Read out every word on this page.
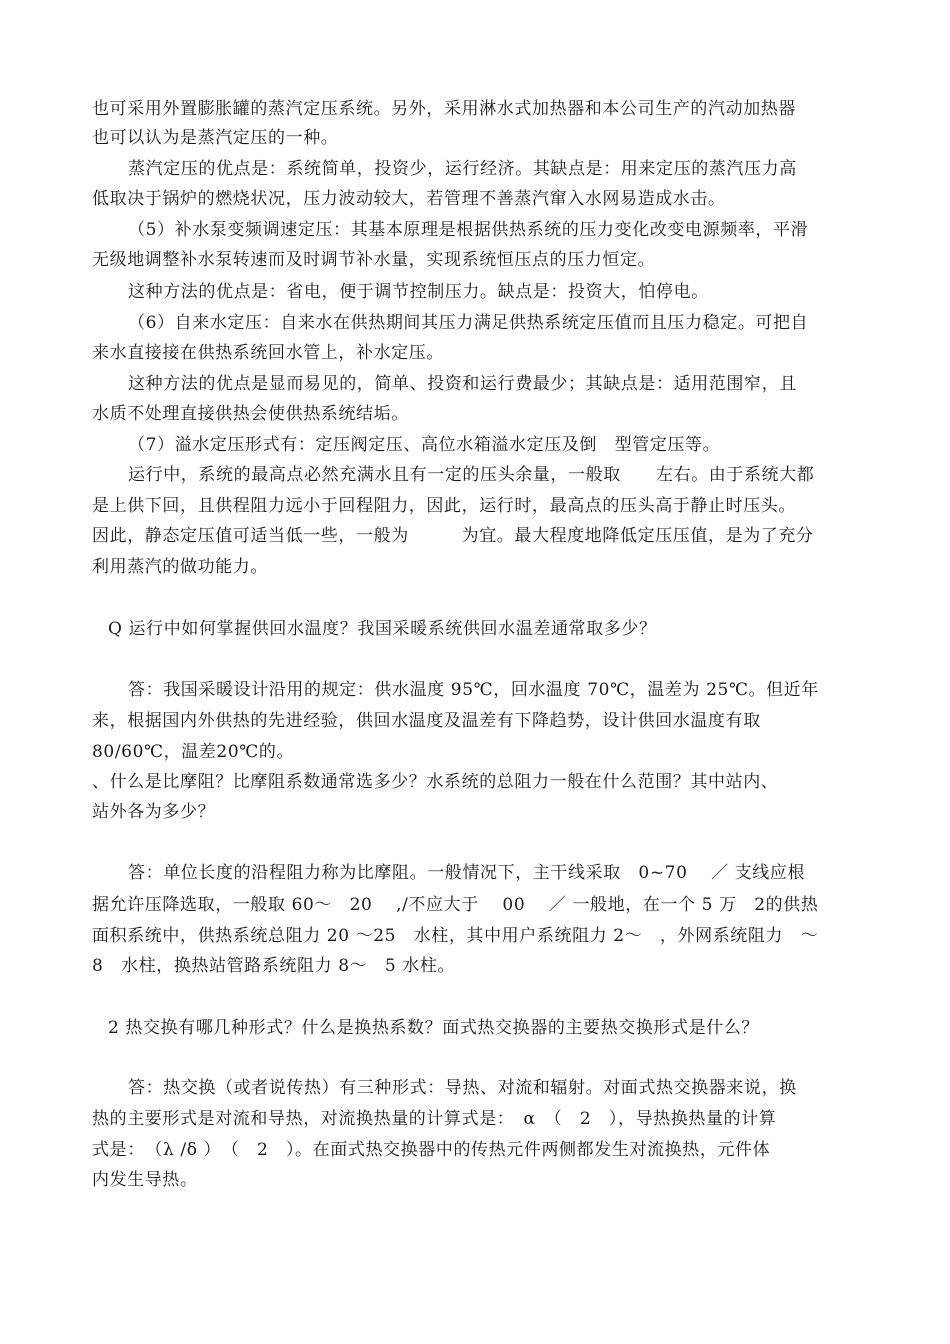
也可采用外置膨胀罐的蒸汽定压系统。另外，采用淋水式加热器和本公司生产的汽动加热器
也可以认为是蒸汽定压的一种。
蒸汽定压的优点是：系统简单，投资少，运行经济。其缺点是：用来定压的蒸汽压力高
低取决于锅炉的燃烧状况，压力波动较大，若管理不善蒸汽窜入水网易造成水击。
（5）补水泵变频调速定压：其基本原理是根据供热系统的压力变化改变电源频率，平滑
无级地调整补水泵转速而及时调节补水量，实现系统恒压点的压力恒定。
这种方法的优点是：省电，便于调节控制压力。缺点是：投资大，怕停电。
（6）自来水定压：自来水在供热期间其压力满足供热系统定压值而且压力稳定。可把自
来水直接接在供热系统回水管上，补水定压。
这种方法的优点是显而易见的，简单、投资和运行费最少；其缺点是：适用范围窄，且
水质不处理直接供热会使供热系统结垢。
（7）溢水定压形式有：定压阀定压、高位水箱溢水定压及倒　型管定压等。
运行中，系统的最高点必然充满水且有一定的压头余量，一般取　　左右。由于系统大都
是上供下回，且供程阻力远小于回程阻力，因此，运行时，最高点的压头高于静止时压头。
因此，静态定压值可适当低一些，一般为　　　为宜。最大程度地降低定压压值，是为了充分
利用蒸汽的做功能力。
Q 运行中如何掌握供回水温度？我国采暖系统供回水温差通常取多少？
答：我国采暖设计沿用的规定：供水温度 95℃，回水温度 70℃，温差为 25℃。但近年
来，根据国内外供热的先进经验，供回水温度及温差有下降趋势，设计供回水温度有取
80/60℃，温差20℃的。
、什么是比摩阻？比摩阻系数通常选多少？水系统的总阻力一般在什么范围？其中站内、
站外各为多少？
答：单位长度的沿程阻力称为比摩阻。一般情况下，主干线采取　0~70　 ／ 支线应根
据允许压降选取，一般取 60～　20　 ,/不应大于　 00　 ／ 一般地，在一个 5 万　2的供热
面积系统中，供热系统总阻力 20 ～25　水柱，其中用户系统阻力 2～　，外网系统阻力　～
8　水柱，换热站管路系统阻力 8～　5 水柱。
2 热交换有哪几种形式？什么是换热系数？面式热交换器的主要热交换形式是什么？
答：热交换（或者说传热）有三种形式：导热、对流和辐射。对面式热交换器来说，换
热的主要形式是对流和导热，对流换热量的计算式是：　α　（　2　），导热换热量的计算
式是：　（λ /δ ）　（　2　）。在面式热交换器中的传热元件两侧都发生对流换热，元件体
内发生导热。
